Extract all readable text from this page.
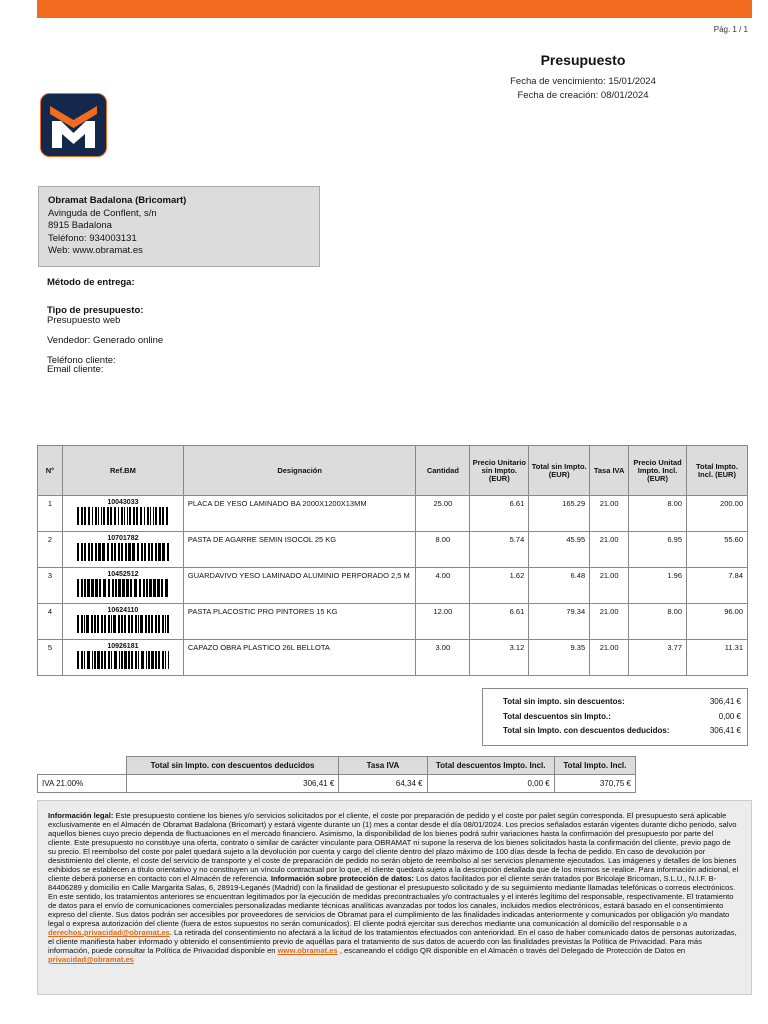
Pág. 1 / 1
Presupuesto
Fecha de vencimiento: 15/01/2024
Fecha de creación: 08/01/2024
Obramat Badalona (Bricomart)
Avinguda de Conflent, s/n
8915 Badalona
Teléfono: 934003131
Web: www.obramat.es
Método de entrega:
Tipo de presupuesto:
Presupuesto web
Vendedor: Generado online
Teléfono cliente:
Email cliente:
N°	Ref.BM	Designación	Cantidad	Precio Unitario sin Impto. (EUR)	Total sin Impto. (EUR)	Tasa IVA	Precio Unitad Impto. Incl. (EUR)	Total Impto. Incl. (EUR)
1	10043033	PLACA DE YESO LAMINADO BA 2000X1200X13MM	25.00	6.61	165.29	21.00	8.00	200.00
2	10701782	PASTA DE AGARRE SEMIN ISOCOL 25 KG	8.00	5.74	45.95	21.00	6.95	55.60
3	10452512	GUARDAVIVO YESO LAMINADO ALUMINIO PERFORADO 2,5 M	4.00	1.62	6.48	21.00	1.96	7.84
4	10624110	PASTA PLACOSTIC PRO PINTORES 15 KG	12.00	6.61	79.34	21.00	8.00	96.00
5	10926181	CAPAZO OBRA PLASTICO 26L BELLOTA	3.00	3.12	9.35	21.00	3.77	11.31
Total sin impto. sin descuentos:	306,41 €
Total descuentos sin Impto.:	0,00 €
Total sin Impto. con descuentos deducidos:	306,41 €
	Total sin Impto. con descuentos deducidos	Tasa IVA	Total descuentos Impto. Incl.	Total Impto. Incl.
IVA 21.00%	306,41 €	64,34 €	0,00 €	370,75 €
Información legal: Este presupuesto contiene los bienes y/o servicios solicitados por el cliente, el coste por preparación de pedido y el coste por palet según corresponda. El presupuesto será aplicable exclusivamente en el Almacén de Obramat Badalona (Bricomart) y estará vigente durante un (1) mes a contar desde el día 08/01/2024. Los precios señalados estarán vigentes durante dicho periodo, salvo aquellos bienes cuyo precio dependa de fluctuaciones en el mercado financiero. Asimismo, la disponibilidad de los bienes podrá sufrir variaciones hasta la confirmación del presupuesto por parte del cliente. Este presupuesto no constituye una oferta, contrato o similar de carácter vinculante para OBRAMAT ni supone la reserva de los bienes solicitados hasta la confirmación del cliente, previo pago de su precio. El reembolso del coste por palet quedará sujeto a la devolución por cuenta y cargo del cliente dentro del plazo máximo de 100 días desde la fecha de pedido. En caso de devolución por desistimiento del cliente, el coste del servicio de transporte y el coste de preparación de pedido no serán objeto de reembolso al ser servicios plenamente ejecutados. Las imágenes y detalles de los bienes exhibidos se establecen a título orientativo y no constituyen un vínculo contractual por lo que, el cliente quedará sujeto a la descripción detallada que de los mismos se realice. Para información adicional, el cliente deberá ponerse en contacto con el Almacén de referencia. Información sobre protección de datos: Los datos facilitados por el cliente serán tratados por Bricolaje Bricoman, S.L.U., N.I.F. B-84406289 y domicilio en Calle Margarita Salas, 6, 28919-Leganés (Madrid) con la finalidad de gestionar el presupuesto solicitado y de su seguimiento mediante llamadas telefónicas o correos electrónicos. En este sentido, los tratamientos anteriores se encuentran legitimados por la ejecución de medidas precontractuales y/o contractuales y el interés legítimo del responsable, respectivamente. El tratamiento de datos para el envío de comunicaciones comerciales personalizadas mediante técnicas analíticas avanzadas por todos los canales, incluidos medios electrónicos, estará basado en el consentimiento expreso del cliente. Sus datos podrán ser accesibles por proveedores de servicios de Obramat para el cumplimiento de las finalidades indicadas anteriormente y comunicados por obligación y/o mandato legal o expresa autorización del cliente (fuera de estos supuestos no serán comunicados). El cliente podrá ejercitar sus derechos mediante una comunicación al domicilio del responsable o a derechos.privacidad@obramat.es. La retirada del consentimiento no afectará a la licitud de los tratamientos efectuados con anterioridad. En el caso de haber comunicado datos de personas autorizadas, el cliente manifiesta haber informado y obtenido el consentimiento previo de aquéllas para el tratamiento de sus datos de acuerdo con las finalidades previstas la Política de Privacidad. Para más información, puede consultar la Política de Privacidad disponible en www.obramat.es , escaneando el código QR disponible en el Almacén o través del Delegado de Protección de Datos en privacidad@obramat.es
